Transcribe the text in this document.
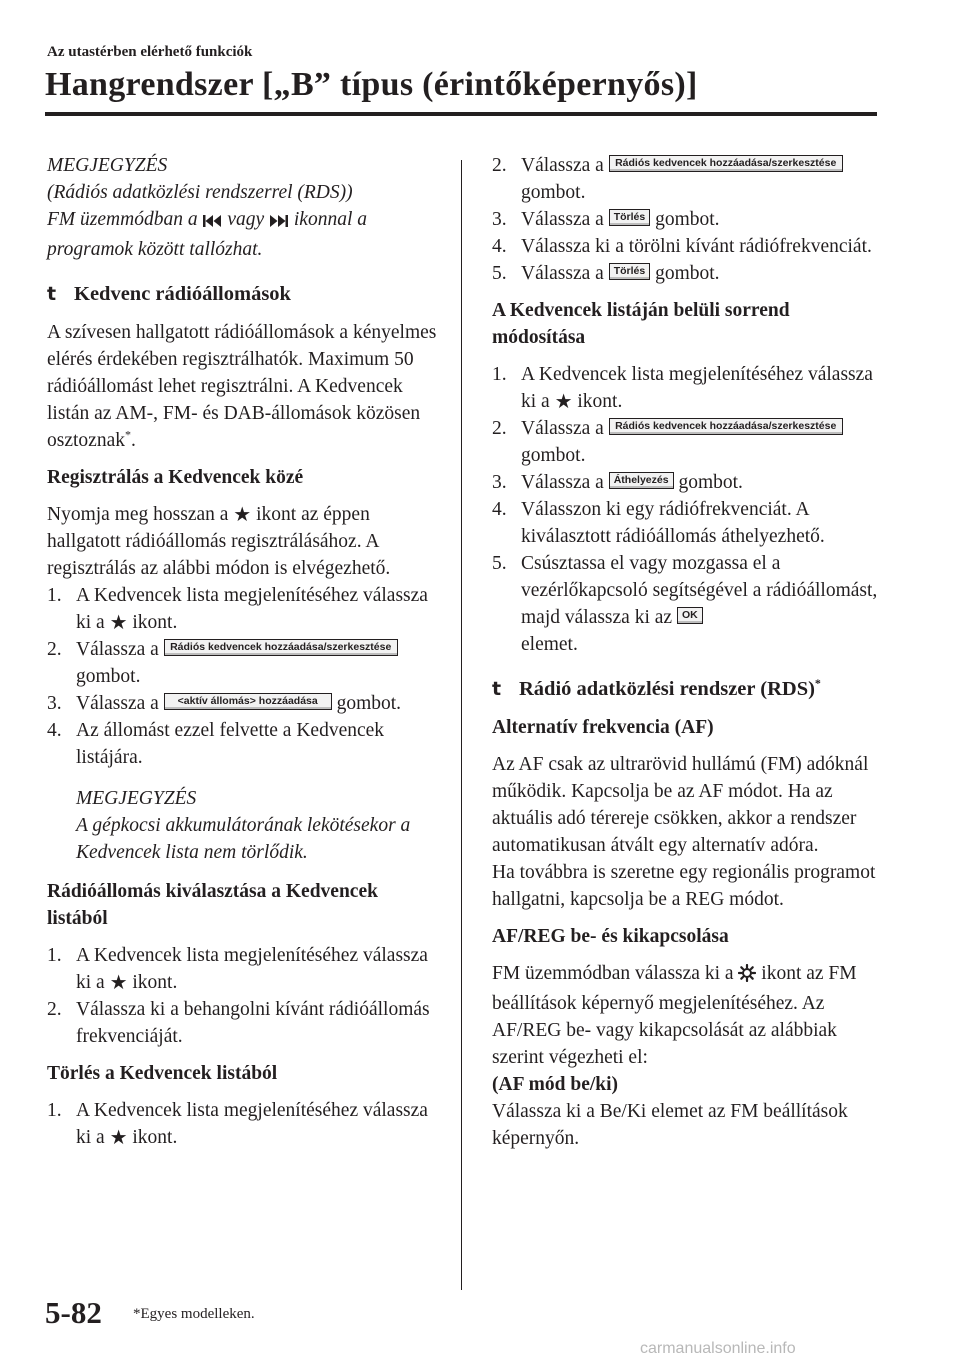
Az utastérben elérhető funkciók
Hangrendszer [„B” típus (érintőképernyős)]

MEGJEGYZÉS

(Rádiós adatközlési rendszerrel (RDS))

FM üzemmódban a vagy ikonnal a programok között tallózhat.

t Kedvenc rádióállomások

A szívesen hallgatott rádióállomások a kényelmes elérés érdekében regisztrálhatók. Maximum 50 rádióállomást lehet regisztrálni. A Kedvencek listán az AM-, FM- és DAB-állomások közösen osztoznak*.

Regisztrálás a Kedvencek közé

Nyomja meg hosszan a ★ ikont az éppen hallgatott rádióállomás regisztrálásához. A regisztrálás az alábbi módon is elvégezhető.

1. A Kedvencek lista megjelenítéséhez válassza ki a ★ ikont.
2. Válassza a Rádiós kedvencek hozzáadása/szerkesztése
gombot.
3. Válassza a <aktív állomás> hozzáadása gombot.
4. Az állomást ezzel felvette a Kedvencek listájára.

MEGJEGYZÉS

A gépkocsi akkumulátorának lekötésekor a Kedvencek lista nem törlődik.

Rádióállomás kiválasztása a Kedvencek listából

1. A Kedvencek lista megjelenítéséhez válassza ki a ★ ikont.
2. Válassza ki a behangolni kívánt rádióállomás frekvenciáját.

Törlés a Kedvencek listából

1. A Kedvencek lista megjelenítéséhez válassza ki a ★ ikont.
2. Válassza a Rádiós kedvencek hozzáadása/szerkesztése
gombot.
3. Válassza a Törlés gombot.
4. Válassza ki a törölni kívánt rádiófrekvenciát.
5. Válassza a Törlés gombot.

A Kedvencek listáján belüli sorrend módosítása

1. A Kedvencek lista megjelenítéséhez válassza ki a ★ ikont.
2. Válassza a Rádiós kedvencek hozzáadása/szerkesztése
gombot.
3. Válassza a Áthelyezés gombot.
4. Válasszon ki egy rádiófrekvenciát. A kiválasztott rádióállomás áthelyezhető.
5. Csúsztassa el vagy mozgassa el a vezérlőkapcsoló segítségével a rádióállomást, majd válassza ki az OK
elemet.
t Rádió adatközlési rendszer (RDS)*

Alternatív frekvencia (AF)

Az AF csak az ultrarövid hullámú (FM) adóknál működik. Kapcsolja be az AF módot. Ha az aktuális adó térereje csökken, akkor a rendszer automatikusan átvált egy alternatív adóra.

Ha továbbra is szeretne egy regionális programot hallgatni, kapcsolja be a REG módot.

AF/REG be- és kikapcsolása

FM üzemmódban válassza ki a ikont az FM beállítások képernyő megjelenítéséhez. Az AF/REG be- vagy kikapcsolását az alábbiak szerint végezheti el:

(AF mód be/ki)

Válassza ki a Be/Ki elemet az FM beállítások képernyőn.

5-82 *Egyes modelleken.
carmanualsonline.info
